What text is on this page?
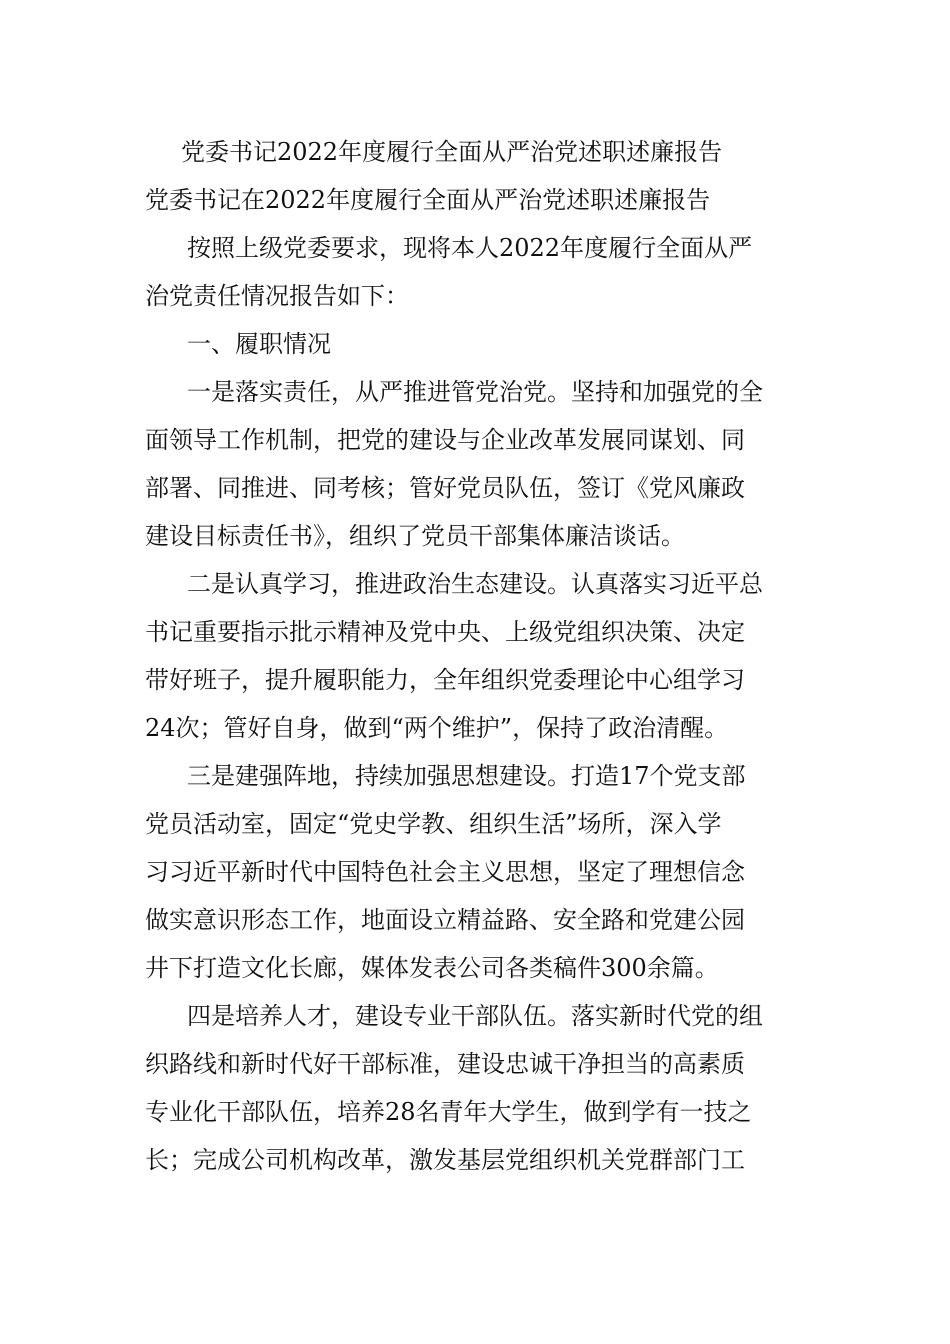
党委书记2022年度履行全面从严治党述职述廉报告
党委书记在2022年度履行全面从严治党述职述廉报告
按照上级党委要求，现将本人2022年度履行全面从严
治党责任情况报告如下：
一、履职情况
一是落实责任，从严推进管党治党。坚持和加强党的全
面领导工作机制，把党的建设与企业改革发展同谋划、同
部署、同推进、同考核；管好党员队伍，签订《党风廉政
建设目标责任书》，组织了党员干部集体廉洁谈话。
二是认真学习，推进政治生态建设。认真落实习近平总
书记重要指示批示精神及党中央、上级党组织决策、决定
带好班子，提升履职能力，全年组织党委理论中心组学习
24次；管好自身，做到“两个维护”，保持了政治清醒。
三是建强阵地，持续加强思想建设。打造17个党支部
党员活动室，固定“党史学教、组织生活”场所，深入学
习习近平新时代中国特色社会主义思想，坚定了理想信念
做实意识形态工作，地面设立精益路、安全路和党建公园
井下打造文化长廊，媒体发表公司各类稿件300余篇。
四是培养人才，建设专业干部队伍。落实新时代党的组
织路线和新时代好干部标准，建设忠诚干净担当的高素质
专业化干部队伍，培养28名青年大学生，做到学有一技之
长；完成公司机构改革，激发基层党组织机关党群部门工
